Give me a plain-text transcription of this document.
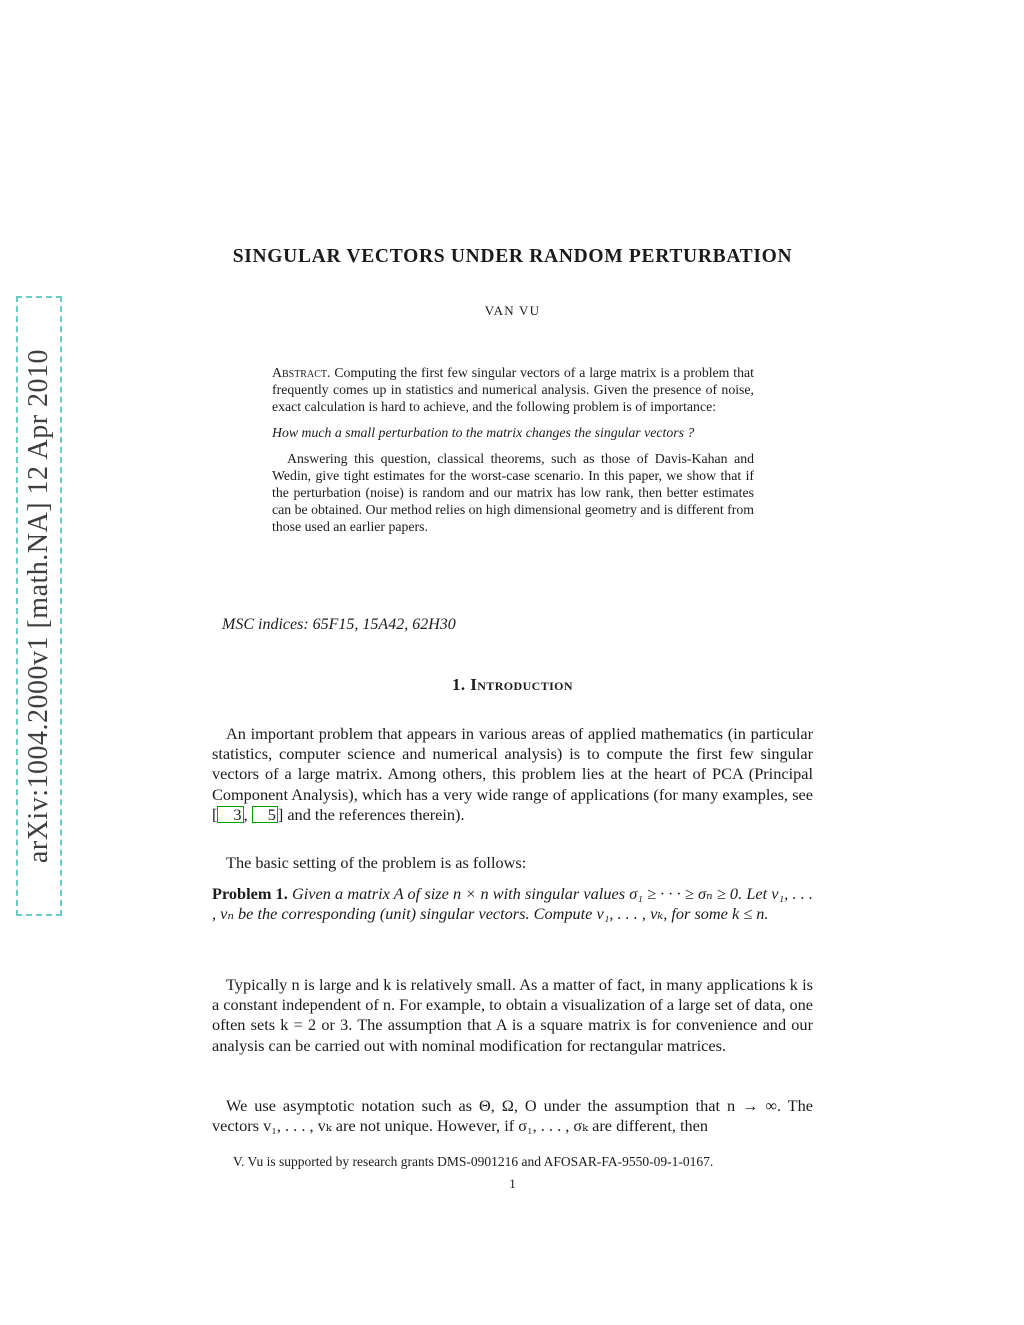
arXiv:1004.2000v1 [math.NA] 12 Apr 2010
SINGULAR VECTORS UNDER RANDOM PERTURBATION
VAN VU

Abstract. Computing the first few singular vectors of a large matrix is a problem that frequently comes up in statistics and numerical analysis. Given the presence of noise, exact calculation is hard to achieve, and the following problem is of importance:

How much a small perturbation to the matrix changes the singular vectors ?

Answering this question, classical theorems, such as those of Davis-Kahan and Wedin, give tight estimates for the worst-case scenario. In this paper, we show that if the perturbation (noise) is random and our matrix has low rank, then better estimates can be obtained. Our method relies on high dimensional geometry and is different from those used an earlier papers.

MSC indices: 65F15, 15A42, 62H30
1. Introduction

An important problem that appears in various areas of applied mathematics (in particular statistics, computer science and numerical analysis) is to compute the first few singular vectors of a large matrix. Among others, this problem lies at the heart of PCA (Principal Component Analysis), which has a very wide range of applications (for many examples, see [ 3 , 5 ] and the references therein).

The basic setting of the problem is as follows:

Problem 1. Given a matrix A of size n × n with singular values σ₁ ≥ · · · ≥ σₙ ≥ 0. Let v₁, . . . , vₙ be the corresponding (unit) singular vectors. Compute v₁, . . . , vₖ, for some k ≤ n.

Typically n is large and k is relatively small. As a matter of fact, in many applications k is a constant independent of n. For example, to obtain a visualization of a large set of data, one often sets k = 2 or 3. The assumption that A is a square matrix is for convenience and our analysis can be carried out with nominal modification for rectangular matrices.

We use asymptotic notation such as Θ, Ω, O under the assumption that n → ∞. The vectors v₁, . . . , vₖ are not unique. However, if σ₁, . . . , σₖ are different, then

V. Vu is supported by research grants DMS-0901216 and AFOSAR-FA-9550-09-1-0167.

1
